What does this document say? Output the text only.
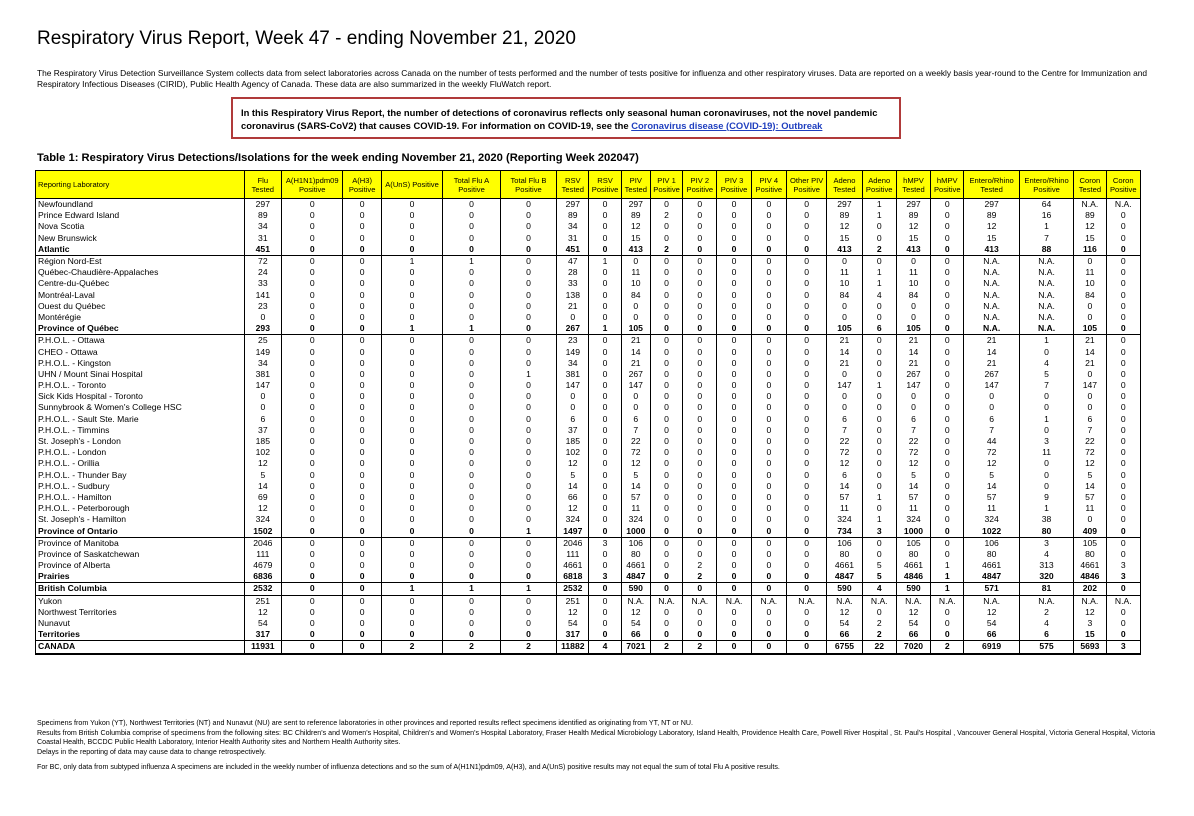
Respiratory Virus Report, Week 47 - ending November 21, 2020
The Respiratory Virus Detection Surveillance System collects data from select laboratories across Canada on the number of tests performed and the number of tests positive for influenza and other respiratory viruses. Data are reported on a weekly basis year-round to the Centre for Immunization and Respiratory Infectious Diseases (CIRID), Public Health Agency of Canada. These data are also summarized in the weekly FluWatch report.
In this Respiratory Virus Report, the number of detections of coronavirus reflects only seasonal human coronaviruses, not the novel pandemic coronavirus (SARS-CoV2) that causes COVID-19. For information on COVID-19, see the Coronavirus disease (COVID-19): Outbreak
Table 1: Respiratory Virus Detections/Isolations for the week ending November 21, 2020 (Reporting Week 202047)
Reporting Laboratory	Flu Tested	A(H1N1)pdm09 Positive	A(H3) Positive	A(UnS) Positive	Total Flu A Positive	Total Flu B Positive	RSV Tested	RSV Positive	PIV Tested	PIV 1 Positive	PIV 2 Positive	PIV 3 Positive	PIV 4 Positive	Other PIV Positive	Adeno Tested	Adeno Positive	hMPV Tested	hMPV Positive	Entero/Rhino Tested	Entero/Rhino Positive	Coron Tested	Coron Positive
Newfoundland	297	0	0	0	0	0	297	0	297	0	0	0	0	0	297	1	297	0	297	64	N.A.	N.A.
Prince Edward Island	89	0	0	0	0	0	89	0	89	2	0	0	0	0	89	1	89	0	89	16	89	0
Nova Scotia	34	0	0	0	0	0	34	0	12	0	0	0	0	0	12	0	12	0	12	1	12	0
New Brunswick	31	0	0	0	0	0	31	0	15	0	0	0	0	0	15	0	15	0	15	7	15	0
Atlantic	451	0	0	0	0	0	451	0	413	2	0	0	0	0	413	2	413	0	413	88	116	0
Région Nord-Est	72	0	0	1	1	0	47	1	0	0	0	0	0	0	0	0	0	0	N.A.	N.A.	0	0
Québec-Chaudière-Appalaches	24	0	0	0	0	0	28	0	11	0	0	0	0	0	11	1	11	0	N.A.	N.A.	11	0
Centre-du-Québec	33	0	0	0	0	0	33	0	10	0	0	0	0	0	10	1	10	0	N.A.	N.A.	10	0
Montréal-Laval	141	0	0	0	0	0	138	0	84	0	0	0	0	0	84	4	84	0	N.A.	N.A.	84	0
Ouest du Québec	23	0	0	0	0	0	21	0	0	0	0	0	0	0	0	0	0	0	N.A.	N.A.	0	0
Montérégie	0	0	0	0	0	0	0	0	0	0	0	0	0	0	0	0	0	0	N.A.	N.A.	0	0
Province of Québec	293	0	0	1	1	0	267	1	105	0	0	0	0	0	105	6	105	0	N.A.	N.A.	105	0
P.H.O.L. - Ottawa	25	0	0	0	0	0	23	0	21	0	0	0	0	0	21	0	21	0	21	1	21	0
CHEO - Ottawa	149	0	0	0	0	0	149	0	14	0	0	0	0	0	14	0	14	0	14	0	14	0
P.H.O.L. - Kingston	34	0	0	0	0	0	34	0	21	0	0	0	0	0	21	0	21	0	21	4	21	0
UHN / Mount Sinai Hospital	381	0	0	0	0	1	381	0	267	0	0	0	0	0	0	0	267	0	267	5	0	0
P.H.O.L. - Toronto	147	0	0	0	0	0	147	0	147	0	0	0	0	0	147	1	147	0	147	7	147	0
Sick Kids Hospital - Toronto	0	0	0	0	0	0	0	0	0	0	0	0	0	0	0	0	0	0	0	0	0	0
Sunnybrook & Women's College HSC	0	0	0	0	0	0	0	0	0	0	0	0	0	0	0	0	0	0	0	0	0	0
P.H.O.L. - Sault Ste. Marie	6	0	0	0	0	0	6	0	6	0	0	0	0	0	6	0	6	0	6	1	6	0
P.H.O.L. - Timmins	37	0	0	0	0	0	37	0	7	0	0	0	0	0	7	0	7	0	7	0	7	0
St. Joseph's - London	185	0	0	0	0	0	185	0	22	0	0	0	0	0	22	0	22	0	44	3	22	0
P.H.O.L. - London	102	0	0	0	0	0	102	0	72	0	0	0	0	0	72	0	72	0	72	11	72	0
P.H.O.L. - Orillia	12	0	0	0	0	0	12	0	12	0	0	0	0	0	12	0	12	0	12	0	12	0
P.H.O.L. - Thunder Bay	5	0	0	0	0	0	5	0	5	0	0	0	0	0	6	0	5	0	5	0	5	0
P.H.O.L. - Sudbury	14	0	0	0	0	0	14	0	14	0	0	0	0	0	14	0	14	0	14	0	14	0
P.H.O.L. - Hamilton	69	0	0	0	0	0	66	0	57	0	0	0	0	0	57	1	57	0	57	9	57	0
P.H.O.L. - Peterborough	12	0	0	0	0	0	12	0	11	0	0	0	0	0	11	0	11	0	11	1	11	0
St. Joseph's - Hamilton	324	0	0	0	0	0	324	0	324	0	0	0	0	0	324	1	324	0	324	38	0	0
Province of Ontario	1502	0	0	0	0	1	1497	0	1000	0	0	0	0	0	734	3	1000	0	1022	80	409	0
Province of Manitoba	2046	0	0	0	0	0	2046	3	106	0	0	0	0	0	106	0	105	0	106	3	105	0
Province of Saskatchewan	111	0	0	0	0	0	111	0	80	0	0	0	0	0	80	0	80	0	80	4	80	0
Province of Alberta	4679	0	0	0	0	0	4661	0	4661	0	2	0	0	0	4661	5	4661	1	4661	313	4661	3
Prairies	6836	0	0	0	0	0	6818	3	4847	0	2	0	0	0	4847	5	4846	1	4847	320	4846	3
British Columbia	2532	0	0	1	1	1	2532	0	590	0	0	0	0	0	590	4	590	1	571	81	202	0
Yukon	251	0	0	0	0	0	251	0	N.A.	N.A.	N.A.	N.A.	N.A.	N.A.	N.A.	N.A.	N.A.	N.A.	N.A.	N.A.	N.A.	N.A.
Northwest Territories	12	0	0	0	0	0	12	0	12	0	0	0	0	0	12	0	12	0	12	2	12	0
Nunavut	54	0	0	0	0	0	54	0	54	0	0	0	0	0	54	2	54	0	54	4	3	0
Territories	317	0	0	0	0	0	317	0	66	0	0	0	0	0	66	2	66	0	66	6	15	0
CANADA	11931	0	0	2	2	2	11882	4	7021	2	2	0	0	0	6755	22	7020	2	6919	575	5693	3

Specimens from Yukon (YT), Northwest Territories (NT) and Nunavut (NU) are sent to reference laboratories in other provinces and reported results reflect specimens identified as originating from YT, NT or NU.

Results from British Columbia comprise of specimens from the following sites: BC Children's and Women's Hospital, Children's and Women's Hospital Laboratory, Fraser Health Medical Microbiology Laboratory, Island Health, Providence Health Care, Powell River Hospital , St. Paul's Hospital , Vancouver General Hospital, Victoria General Hospital, Victoria Coastal Health, BCCDC Public Health Laboratory, Interior Health Authority sites and Northern Health Authority sites.

Delays in the reporting of data may cause data to change retrospectively.

For BC, only data from subtyped influenza A specimens are included in the weekly number of influenza detections and so the sum of A(H1N1)pdm09, A(H3), and A(UnS) positive results may not equal the sum of total Flu A positive results.
